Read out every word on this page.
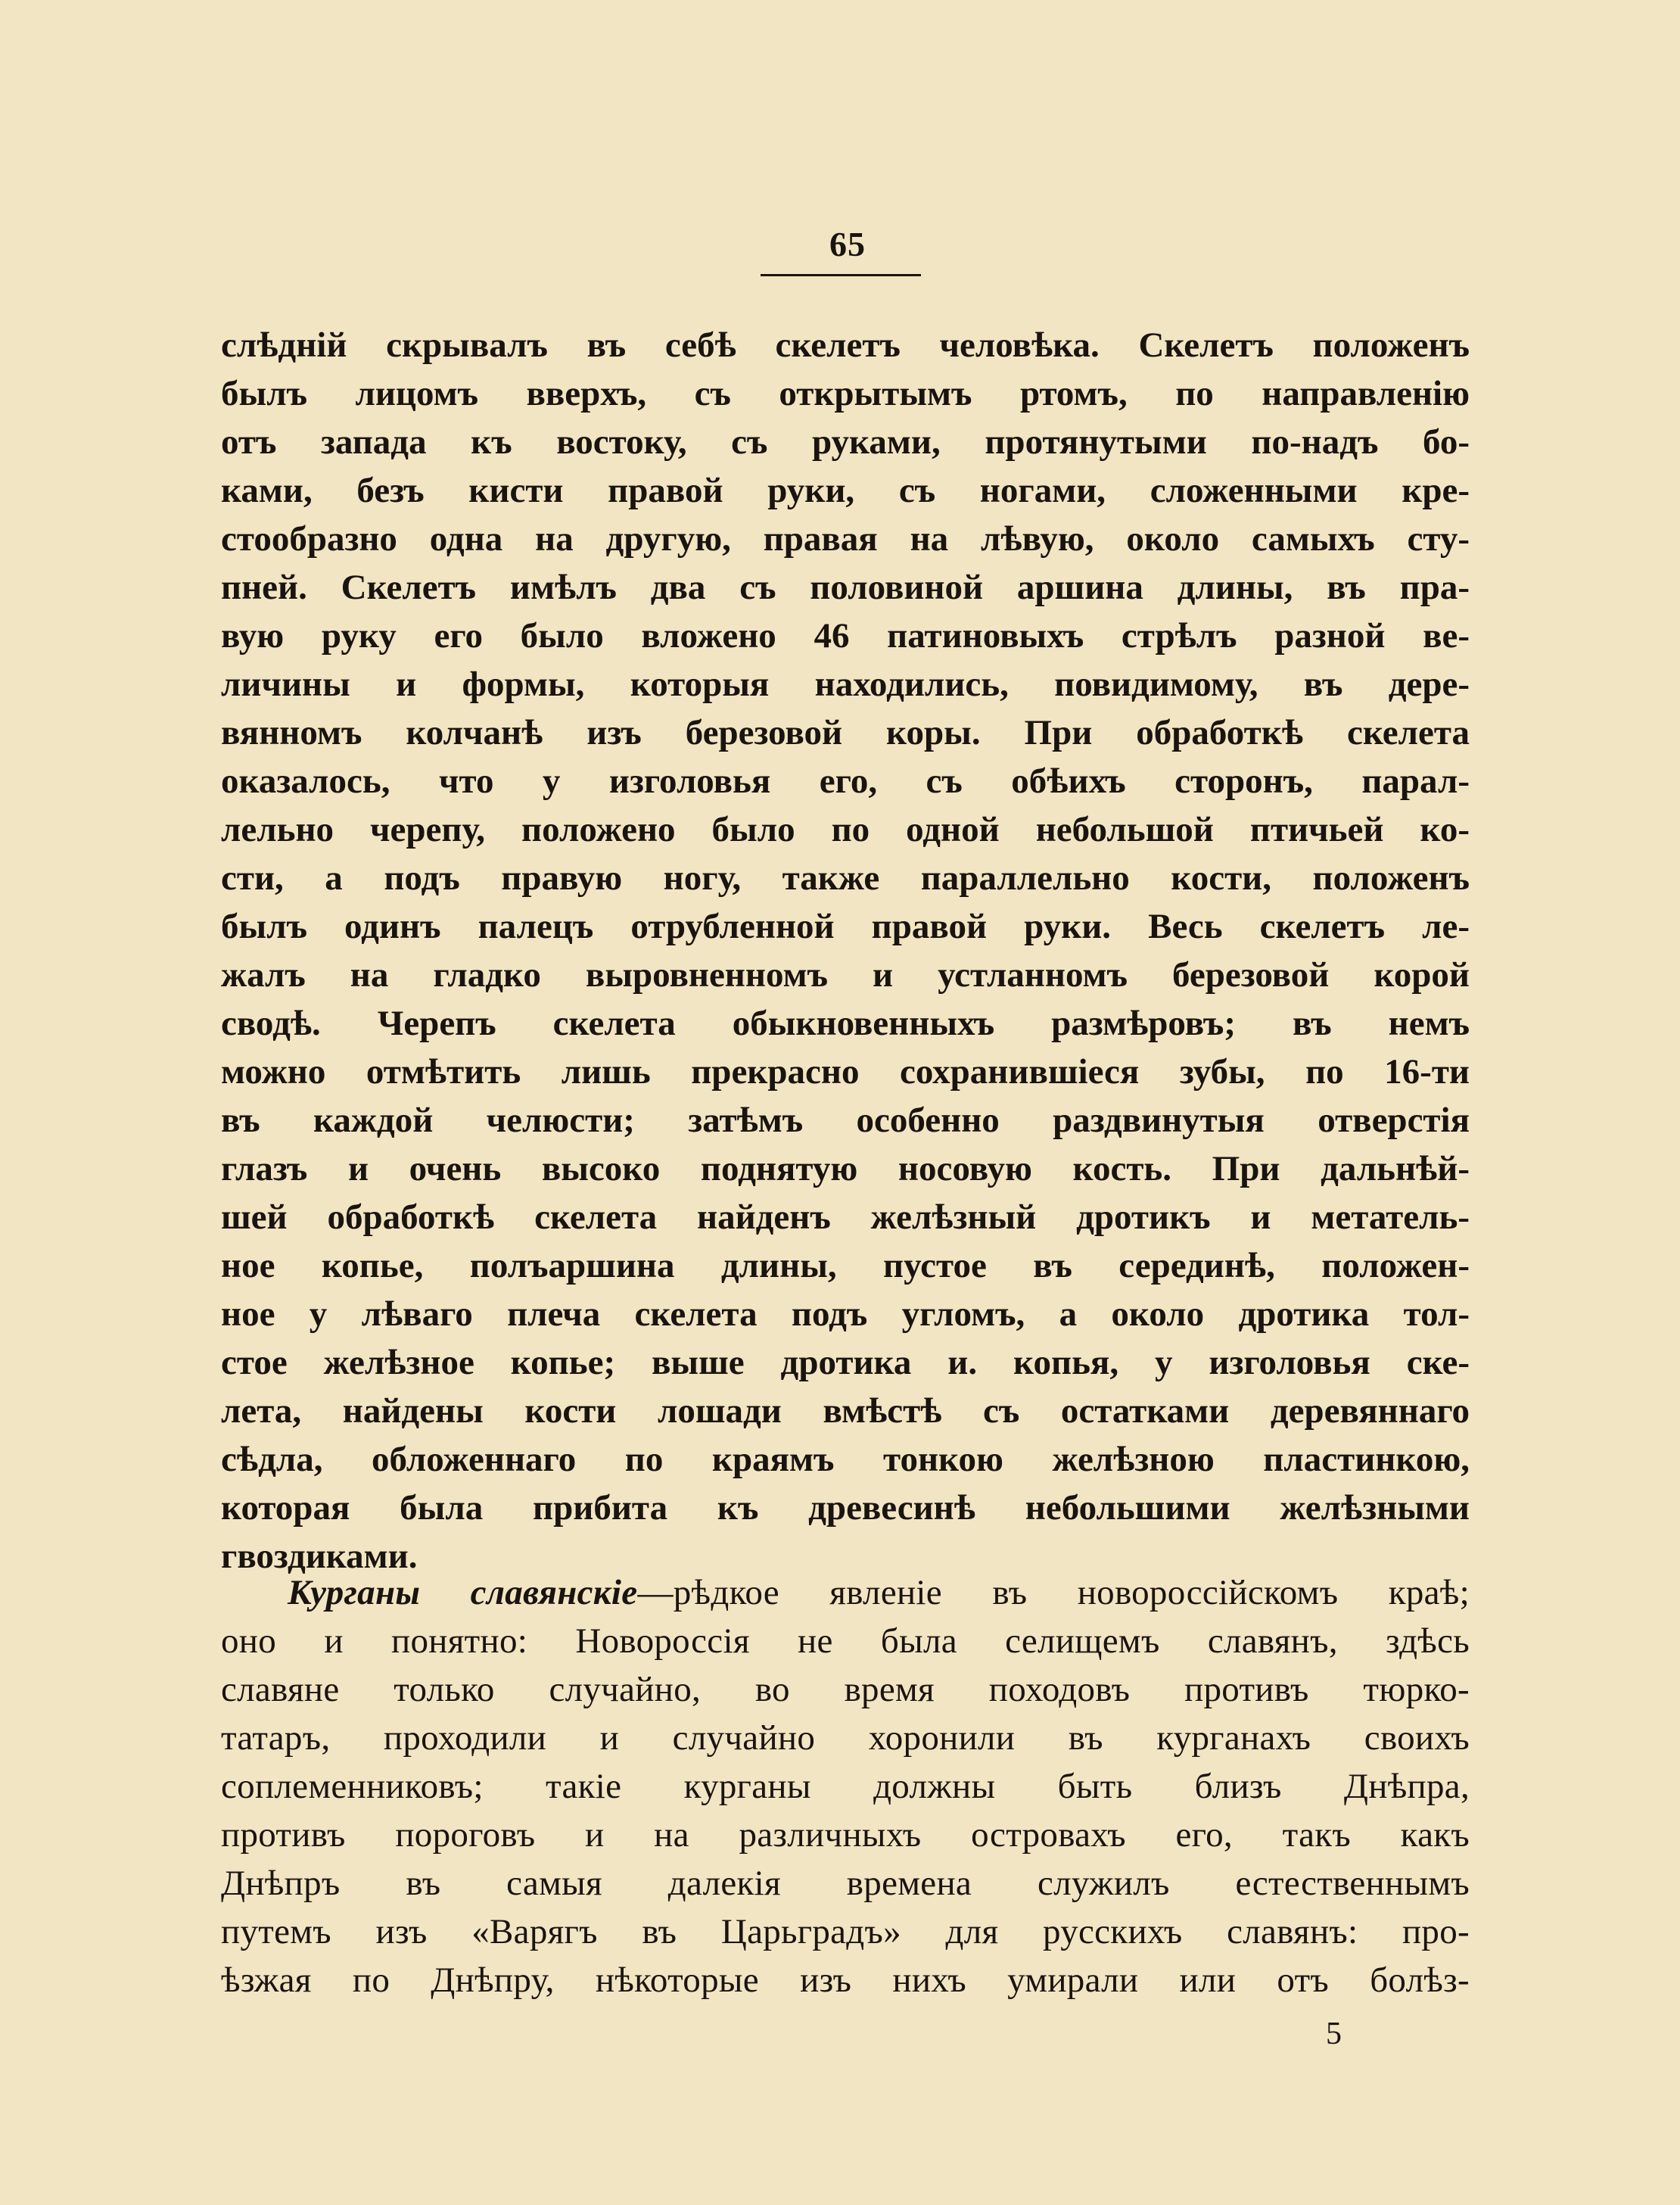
65
слѣдній скрывалъ въ себѣ скелетъ человѣка. Скелетъ положенъ
былъ лицомъ вверхъ, съ открытымъ ртомъ, по направленію
отъ запада къ востоку, съ руками, протянутыми по-надъ бо-
ками, безъ кисти правой руки, съ ногами, сложенными кре-
стообразно одна на другую, правая на лѣвую, около самыхъ сту-
пней. Скелетъ имѣлъ два съ половиной аршина длины, въ пра-
вую руку его было вложено 46 патиновыхъ стрѣлъ разной ве-
личины и формы, которыя находились, повидимому, въ дере-
вянномъ колчанѣ изъ березовой коры. При обработкѣ скелета
оказалось, что у изголовья его, съ обѣихъ сторонъ, парал-
лельно черепу, положено было по одной небольшой птичьей ко-
сти, а подъ правую ногу, также параллельно кости, положенъ
былъ одинъ палецъ отрубленной правой руки. Весь скелетъ ле-
жалъ на гладко выровненномъ и устланномъ березовой корой
сводѣ. Черепъ скелета обыкновенныхъ размѣровъ; въ немъ
можно отмѣтить лишь прекрасно сохранившіеся зубы, по 16-ти
въ каждой челюсти; затѣмъ особенно раздвинутыя отверстія
глазъ и очень высоко поднятую носовую кость. При дальнѣй-
шей обработкѣ скелета найденъ желѣзный дротикъ и метатель-
ное копье, полъаршина длины, пустое въ серединѣ, положен-
ное у лѣваго плеча скелета подъ угломъ, а около дротика тол-
стое желѣзное копье; выше дротика и. копья, у изголовья ске-
лета, найдены кости лошади вмѣстѣ съ остатками деревяннаго
сѣдла, обложеннаго по краямъ тонкою желѣзною пластинкою,
которая была прибита къ древесинѣ небольшими желѣзными
гвоздиками.
Курганы славянскіе—рѣдкое явленіе въ новороссійскомъ краѣ;
оно и понятно: Новороссія не была селищемъ славянъ, здѣсь
славяне только случайно, во время походовъ противъ тюрко-
татаръ, проходили и случайно хоронили въ курганахъ своихъ
соплеменниковъ; такіе курганы должны быть близъ Днѣпра,
противъ пороговъ и на различныхъ островахъ его, такъ какъ
Днѣпръ въ самыя далекія времена служилъ естественнымъ
путемъ изъ «Варягъ въ Царьградъ» для русскихъ славянъ: про-
ѣзжая по Днѣпру, нѣкоторые изъ нихъ умирали или отъ болѣз-
5
